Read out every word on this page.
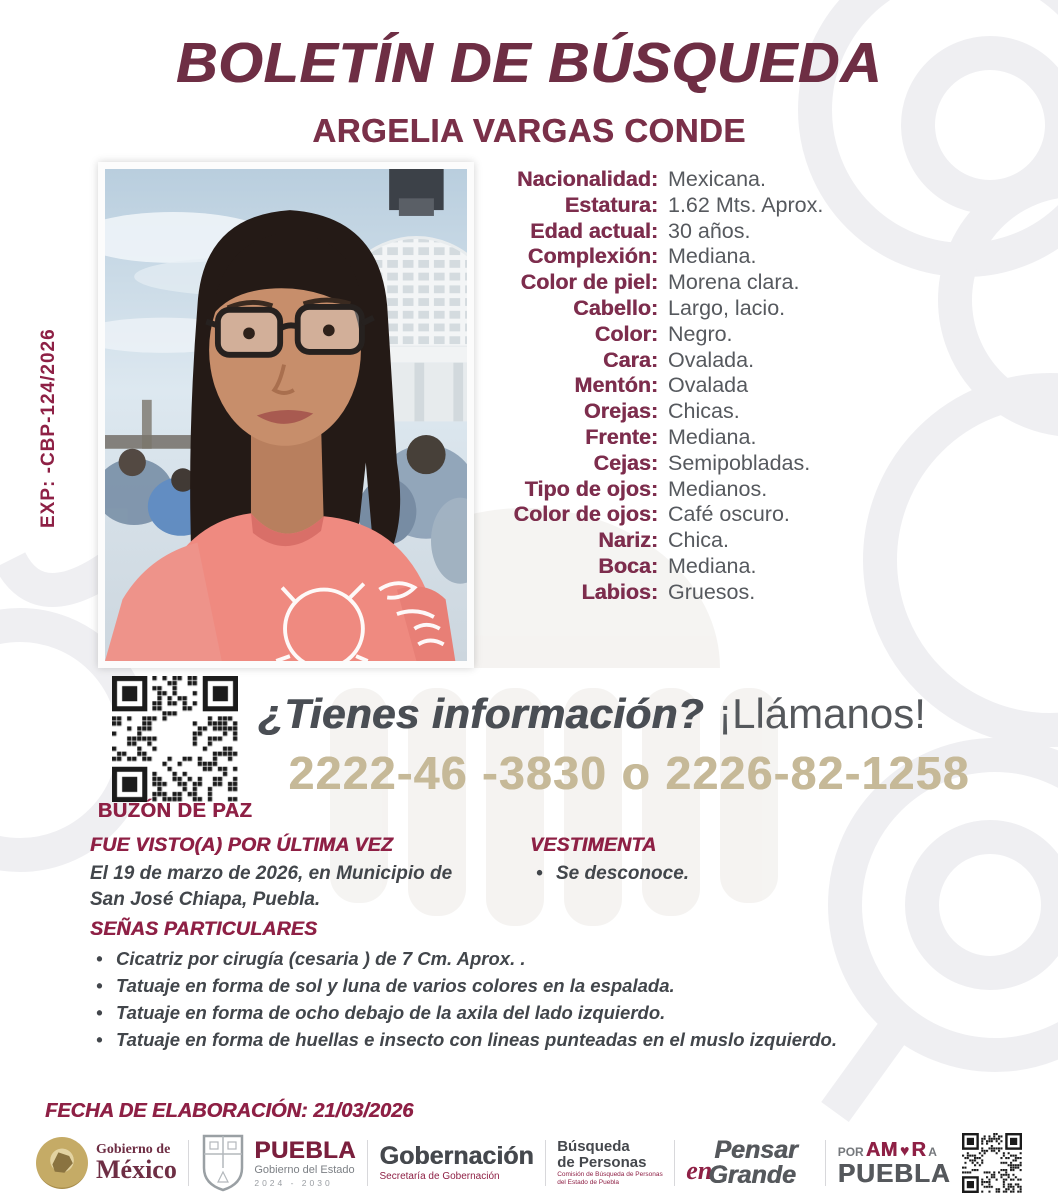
EXP: -CBP-124/2026
BOLETÍN DE BÚSQUEDA
ARGELIA VARGAS CONDE
Nacionalidad: Mexicana.
Estatura: 1.62 Mts. Aprox.
Edad actual: 30 años.
Complexión: Mediana.
Color de piel: Morena clara.
Cabello: Largo, lacio.
Color: Negro.
Cara: Ovalada.
Mentón: Ovalada
Orejas: Chicas.
Frente: Mediana.
Cejas: Semipobladas.
Tipo de ojos: Medianos.
Color de ojos: Café oscuro.
Nariz: Chica.
Boca: Mediana.
Labios: Gruesos.
BUZÓN DE PAZ
¿Tienes información? ¡Llámanos!
2222-46 -3830 o 2226-82-1258
FUE VISTO(A) POR ÚLTIMA VEZ
El 19 de marzo de 2026, en Municipio de
San José Chiapa, Puebla.
VESTIMENTA
• Se desconoce.
SEÑAS PARTICULARES
• Cicatriz por cirugía (cesaria ) de 7 Cm. Aprox. .
• Tatuaje en forma de sol y luna de varios colores en la espalada.
• Tatuaje en forma de ocho debajo de la axila del lado izquierdo.
• Tatuaje en forma de huellas e insecto con lineas punteadas en el muslo izquierdo.
FECHA DE ELABORACIÓN: 21/03/2026
Gobierno de
México
PUEBLA
Gobierno del Estado
2024 - 2030
Gobernación
Secretaría de Gobernación
Búsqueda
de Personas
Comisión de Búsqueda de Personas
del Estado de Puebla
Pensar
en
Grande
POR AM ♥ R A
PUEBLA
